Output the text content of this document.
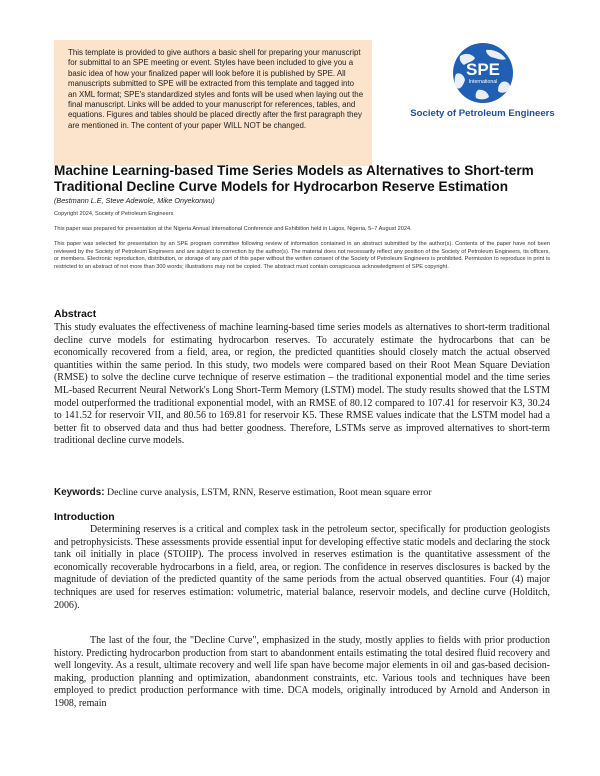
This template is provided to give authors a basic shell for preparing your manuscript for submittal to an SPE meeting or event. Styles have been included to give you a basic idea of how your finalized paper will look before it is published by SPE. All manuscripts submitted to SPE will be extracted from this template and tagged into an XML format; SPE's standardized styles and fonts will be used when laying out the final manuscript. Links will be added to your manuscript for references, tables, and equations. Figures and tables should be placed directly after the first paragraph they are mentioned in. The content of your paper WILL NOT be changed.

SPE
International
Society of Petroleum Engineers
Machine Learning-based Time Series Models as Alternatives to Short-term Traditional Decline Curve Models for Hydrocarbon Reserve Estimation
(Bestmann L.E, Steve Adewole, Mike Onyekonwu)

Copyright 2024, Society of Petroleum Engineers

This paper was prepared for presentation at the Nigeria Annual International Conference and Exhibition held in Lagos, Nigeria, 5–7 August 2024.

This paper was selected for presentation by an SPE program committee following review of information contained in an abstract submitted by the author(s). Contents of the paper have not been reviewed by the Society of Petroleum Engineers and are subject to correction by the author(s). The material does not necessarily reflect any position of the Society of Petroleum Engineers, its officers, or members. Electronic reproduction, distribution, or storage of any part of this paper without the written consent of the Society of Petroleum Engineers is prohibited. Permission to reproduce in print is restricted to an abstract of not more than 300 words; illustrations may not be copied. The abstract must contain conspicuous acknowledgment of SPE copyright.

Abstract

This study evaluates the effectiveness of machine learning-based time series models as alternatives to short-term traditional decline curve models for estimating hydrocarbon reserves. To accurately estimate the hydrocarbons that can be economically recovered from a field, area, or region, the predicted quantities should closely match the actual observed quantities within the same period. In this study, two models were compared based on their Root Mean Square Deviation (RMSE) to solve the decline curve technique of reserve estimation – the traditional exponential model and the time series ML-based Recurrent Neural Network's Long Short-Term Memory (LSTM) model. The study results showed that the LSTM model outperformed the traditional exponential model, with an RMSE of 80.12 compared to 107.41 for reservoir K3, 30.24 to 141.52 for reservoir VII, and 80.56 to 169.81 for reservoir K5. These RMSE values indicate that the LSTM model had a better fit to observed data and thus had better goodness. Therefore, LSTMs serve as improved alternatives to short-term traditional decline curve models.

Keywords: Decline curve analysis, LSTM, RNN, Reserve estimation, Root mean square error

Introduction

Determining reserves is a critical and complex task in the petroleum sector, specifically for production geologists and petrophysicists. These assessments provide essential input for developing effective static models and declaring the stock tank oil initially in place (STOIIP). The process involved in reserves estimation is the quantitative assessment of the economically recoverable hydrocarbons in a field, area, or region. The confidence in reserves disclosures is backed by the magnitude of deviation of the predicted quantity of the same periods from the actual observed quantities. Four (4) major techniques are used for reserves estimation: volumetric, material balance, reservoir models, and decline curve (Holditch, 2006).

The last of the four, the "Decline Curve", emphasized in the study, mostly applies to fields with prior production history. Predicting hydrocarbon production from start to abandonment entails estimating the total desired fluid recovery and well longevity. As a result, ultimate recovery and well life span have become major elements in oil and gas-based decision-making, production planning and optimization, abandonment constraints, etc. Various tools and techniques have been employed to predict production performance with time. DCA models, originally introduced by Arnold and Anderson in 1908, remain
